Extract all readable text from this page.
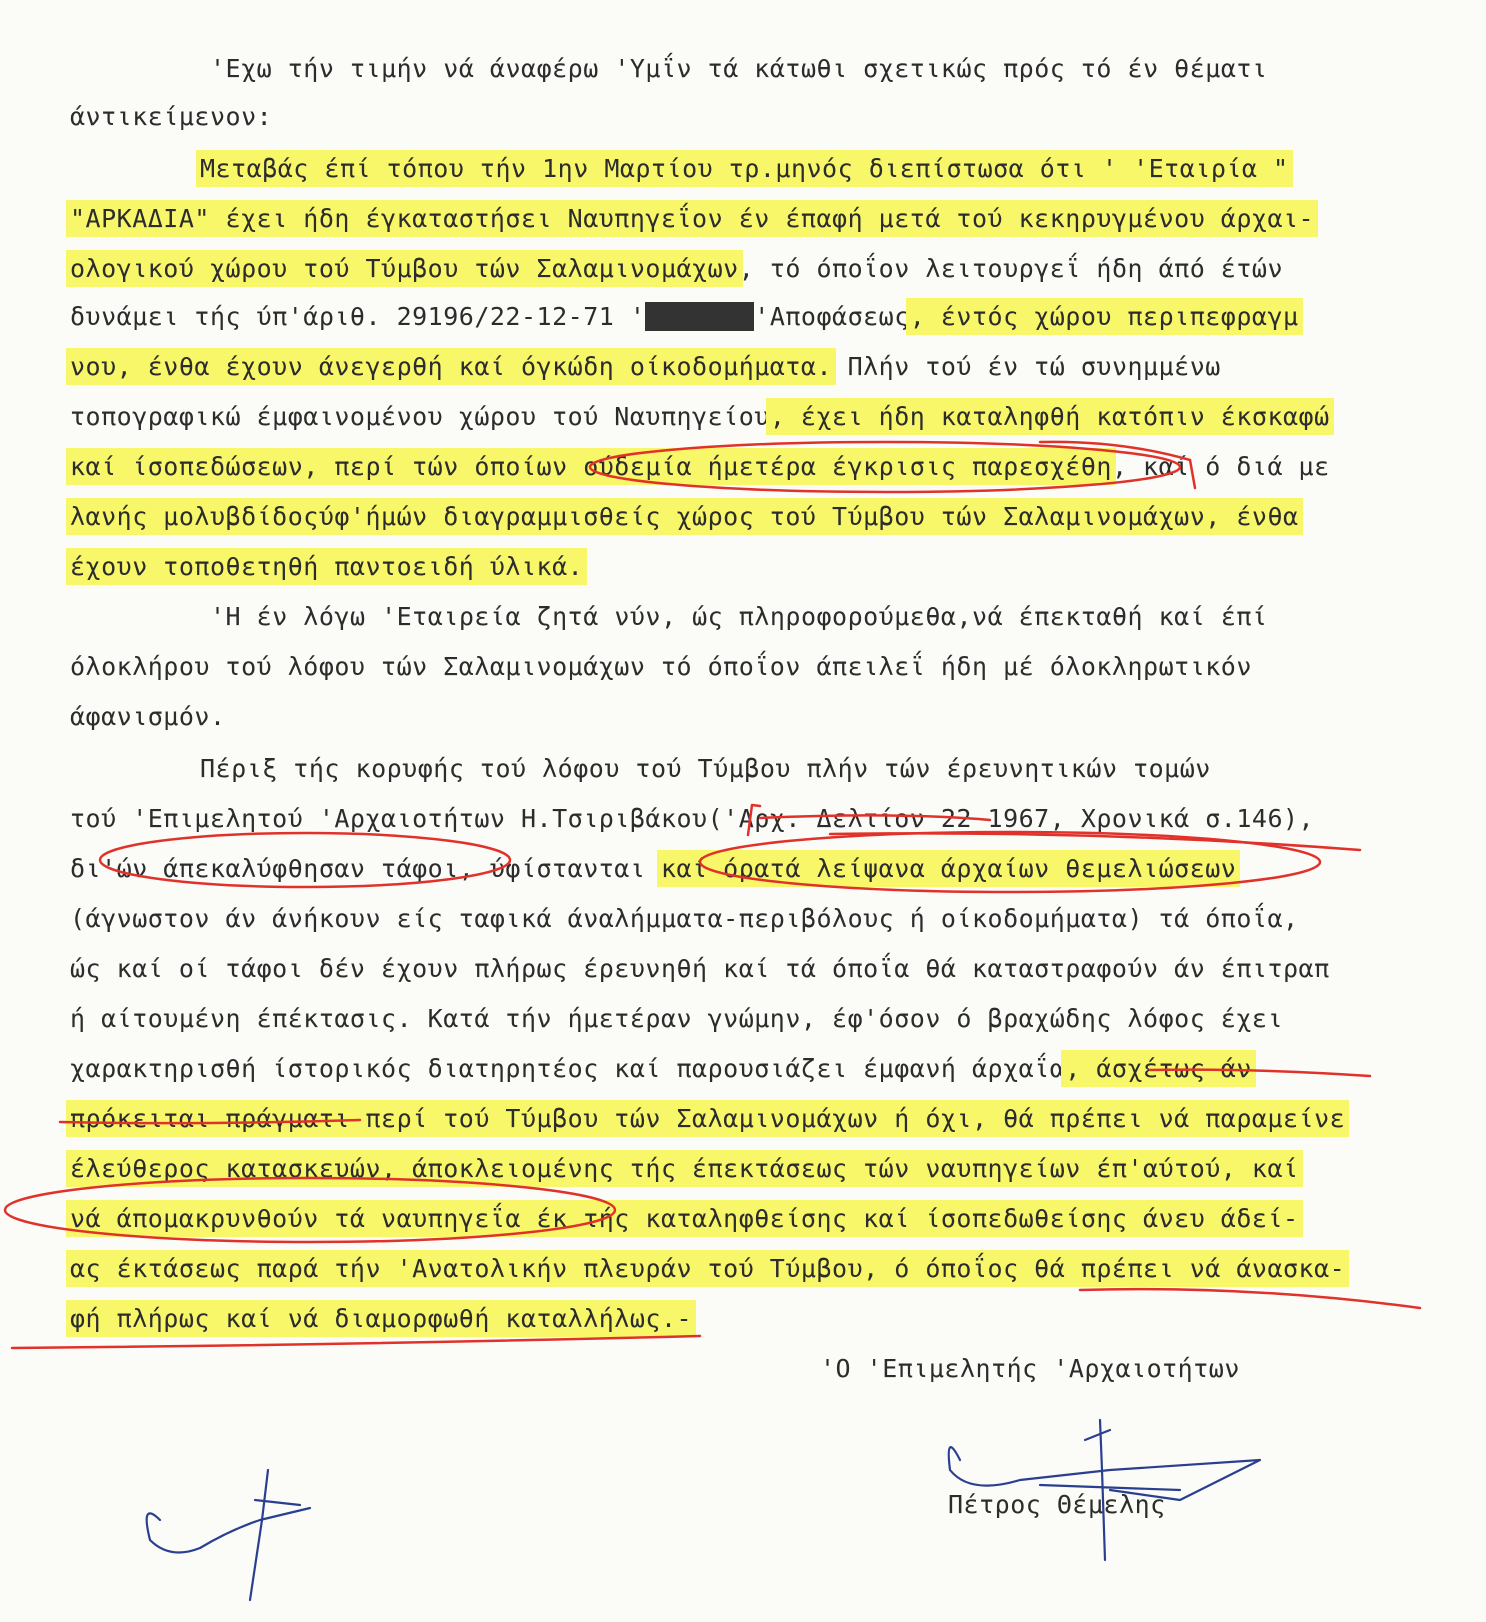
'Εχω τήν τιμήν νά άναφέρω 'Υμΐν τά κάτωθι σχετικώς πρός τό έν θέματι
άντικείμενον:
Μεταβάς έπί τόπου τήν 1ην Μαρτίου τρ.μηνός διεπίστωσα ότι ' 'Εταιρία "
"ΑΡΚΑΔΙΑ" έχει ήδη έγκαταστήσει Ναυπηγεΐον έν έπαφή μετά τού κεκηρυγμένου άρχαι-
ολογικού χώρου τού Τύμβου τών Σαλαμινομάχων, τό όποΐον λειτουργεΐ ήδη άπό έτών
δυνάμει τής ύπ'άριθ. 29196/22-12-71 'Υπουργ.'Αποφάσεως, έντός χώρου περιπεφραγμ
νου, ένθα έχουν άνεγερθή καί όγκώδη οίκοδομήματα. Πλήν τού έν τώ συνημμένω
τοπογραφικώ έμφαινομένου χώρου τού Ναυπηγείου, έχει ήδη καταληφθή κατόπιν έκσκαφώ
καί ίσοπεδώσεων, περί τών όποίων ούδεμία ήμετέρα έγκρισις παρεσχέθη, καί ό διά με
λανής μολυβδίδοςύφ'ήμών διαγραμμισθείς χώρος τού Τύμβου τών Σαλαμινομάχων, ένθα
έχουν τοποθετηθή παντοειδή ύλικά.
'Η έν λόγω 'Εταιρεία ζητά νύν, ώς πληροφορούμεθα,νά έπεκταθή καί έπί
όλοκλήρου τού λόφου τών Σαλαμινομάχων τό όποΐον άπειλεΐ ήδη μέ όλοκληρωτικόν
άφανισμόν.
Πέριξ τής κορυφής τού λόφου τού Τύμβου πλήν τών έρευνητικών τομών
τού 'Επιμελητού 'Αρχαιοτήτων Η.Τσιριβάκου('Αρχ. Δελτίον 22 1967, Χρονικά σ.146),
δι'ών άπεκαλύφθησαν τάφοι, ύφίστανται καί όρατά λείψανα άρχαίων θεμελιώσεων
(άγνωστον άν άνήκουν είς ταφικά άναλήμματα-περιβόλους ή οίκοδομήματα) τά όποΐα,
ώς καί οί τάφοι δέν έχουν πλήρως έρευνηθή καί τά όποΐα θά καταστραφούν άν έπιτραπ
ή αίτουμένη έπέκτασις. Κατά τήν ήμετέραν γνώμην, έφ'όσον ό βραχώδης λόφος έχει
χαρακτηρισθή ίστορικός διατηρητέος καί παρουσιάζει έμφανή άρχαΐα, άσχέτως άν
πρόκειται πράγματι περί τού Τύμβου τών Σαλαμινομάχων ή όχι, θά πρέπει νά παραμείνε
έλεύθερος κατασκευών, άποκλειομένης τής έπεκτάσεως τών ναυπηγείων έπ'αύτού, καί
νά άπομακρυνθούν τά ναυπηγεΐα έκ τής καταληφθείσης καί ίσοπεδωθείσης άνευ άδεί-
ας έκτάσεως παρά τήν 'Ανατολικήν πλευράν τού Τύμβου, ό όποΐος θά πρέπει νά άνασκα-
φή πλήρως καί νά διαμορφωθή καταλλήλως.-
'Ο 'Επιμελητής 'Αρχαιοτήτων
Πέτρος Θέμελης
